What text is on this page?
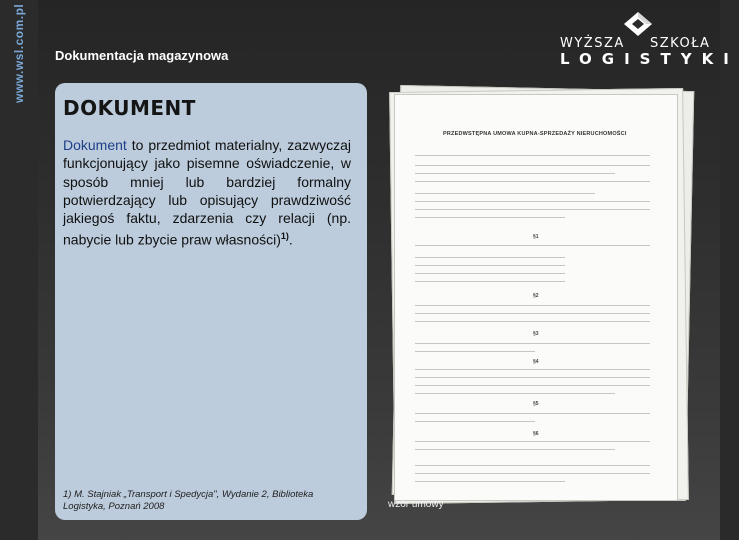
www.wsl.com.pl	Dokumentacja magazynowa
WYŻSZA SZKOŁA
LOGISTYKI
DOKUMENT
Dokument to przedmiot materialny, zazwyczaj funkcjonujący jako pisemne oświadczenie, w sposób mniej lub bardziej formalny potwierdzający lub opisujący prawdziwość jakiegoś faktu, zdarzenia czy relacji (np. nabycie lub zbycie praw własności)$^{1)}$.
1) M. Stajniak „Transport i Spedycja", Wydanie 2, Biblioteka Logistyka, Poznań 2008
PRZEDWSTĘPNA UMOWA KUPNA-SPRZEDAŻY NIERUCHOMOŚCI
§1
§2
§3
§4
§5
§6
wzór umowy
